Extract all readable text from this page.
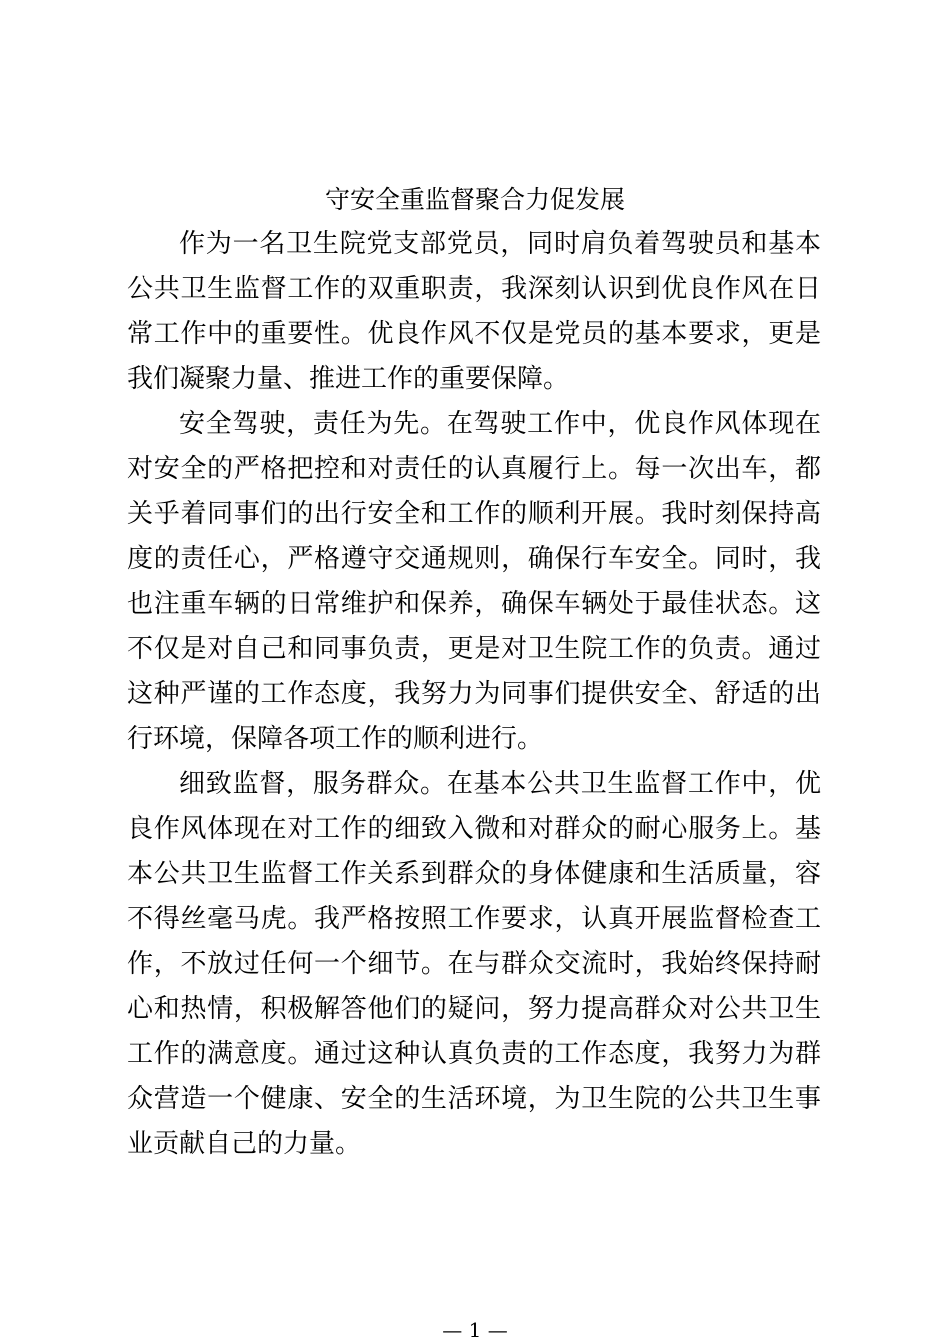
守安全重监督聚合力促发展

作为一名卫生院党支部党员，同时肩负着驾驶员和基本公共卫生监督工作的双重职责，我深刻认识到优良作风在日常工作中的重要性。优良作风不仅是党员的基本要求，更是我们凝聚力量、推进工作的重要保障。

安全驾驶，责任为先。在驾驶工作中，优良作风体现在对安全的严格把控和对责任的认真履行上。每一次出车，都关乎着同事们的出行安全和工作的顺利开展。我时刻保持高度的责任心，严格遵守交通规则，确保行车安全。同时，我也注重车辆的日常维护和保养，确保车辆处于最佳状态。这不仅是对自己和同事负责，更是对卫生院工作的负责。通过这种严谨的工作态度，我努力为同事们提供安全、舒适的出行环境，保障各项工作的顺利进行。

细致监督，服务群众。在基本公共卫生监督工作中，优良作风体现在对工作的细致入微和对群众的耐心服务上。基本公共卫生监督工作关系到群众的身体健康和生活质量，容不得丝毫马虎。我严格按照工作要求，认真开展监督检查工作，不放过任何一个细节。在与群众交流时，我始终保持耐心和热情，积极解答他们的疑问，努力提高群众对公共卫生工作的满意度。通过这种认真负责的工作态度，我努力为群众营造一个健康、安全的生活环境，为卫生院的公共卫生事业贡献自己的力量。

— 1 —
